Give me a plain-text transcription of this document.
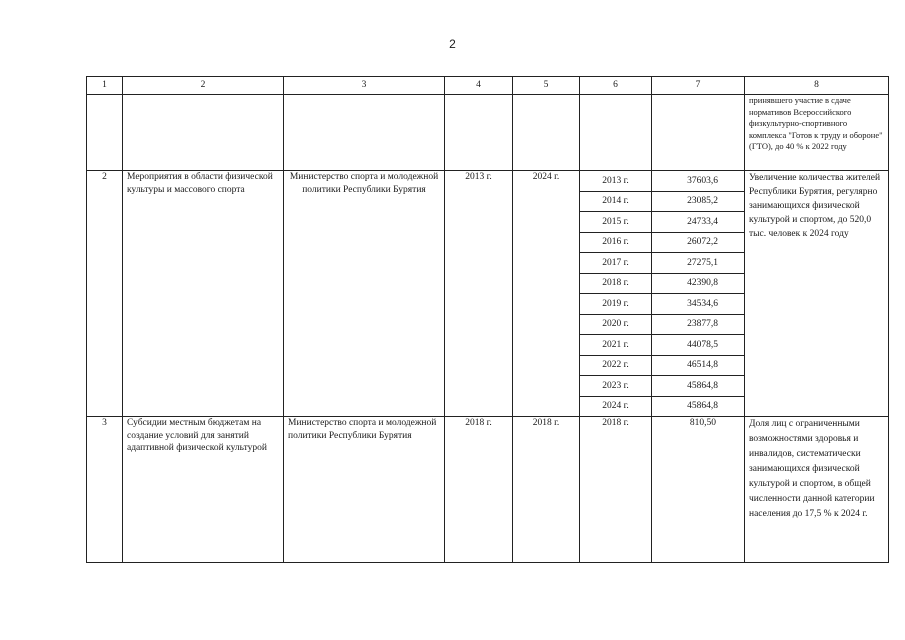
2
1	2	3	4	5	6	7	8
							принявшего участие в сдаче нормативов Всероссийского физкультурно-спортивного комплекса "Готов к труду и обороне" (ГТО), до 40 % к 2022 году
2	Мероприятия в области физической культуры и массового спорта	Министерство спорта и молодежной политики Республики Бурятия	2013 г.	2024 г.	2013 г.	37603,6	Увеличение количества жителей Республики Бурятия, регулярно занимающихся физической культурой и спортом, до 520,0 тыс. человек к 2024 году
					2014 г.	23085,2	
					2015 г.	24733,4	
					2016 г.	26072,2	
					2017 г.	27275,1	
					2018 г.	42390,8	
					2019 г.	34534,6	
					2020 г.	23877,8	
					2021 г.	44078,5	
					2022 г.	46514,8	
					2023 г.	45864,8	
					2024 г.	45864,8	
3	Субсидии местным бюджетам на создание условий для занятий адаптивной физической культурой	Министерство спорта и молодежной политики Республики Бурятия	2018 г.	2018 г.	2018 г.	810,50	Доля лиц с ограниченными возможностями здоровья и инвалидов, систематически занимающихся физической культурой и спортом, в общей численности данной категории населения до 17,5 % к 2024 г.
